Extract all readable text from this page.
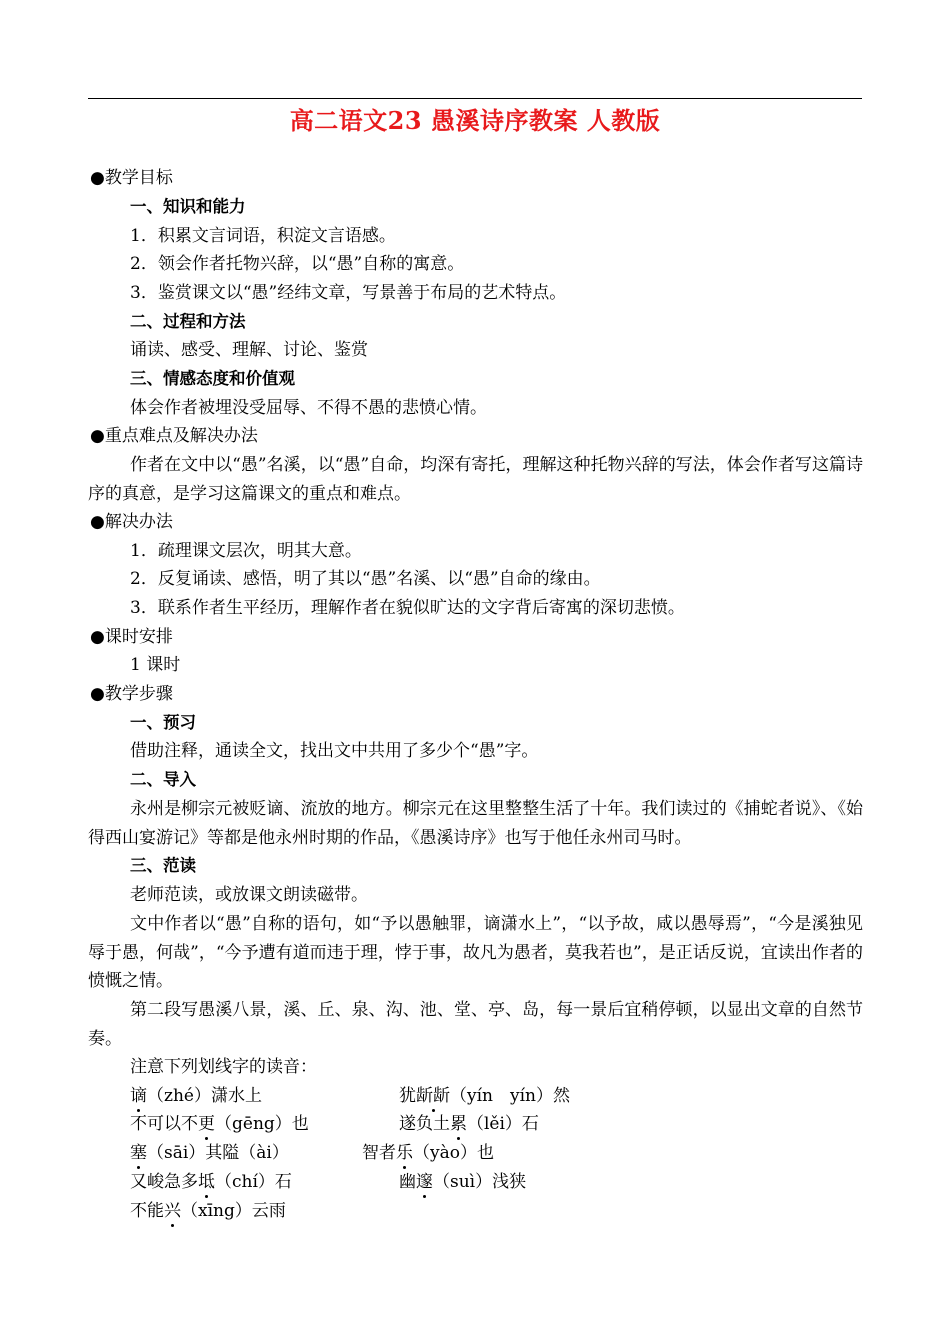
高二语文23 愚溪诗序教案 人教版
●教学目标
一、知识和能力
1．积累文言词语，积淀文言语感。
2．领会作者托物兴辞，以“愚”自称的寓意。
3．鉴赏课文以“愚”经纬文章，写景善于布局的艺术特点。
二、过程和方法
诵读、感受、理解、讨论、鉴赏
三、情感态度和价值观
体会作者被埋没受屈辱、不得不愚的悲愤心情。
●重点难点及解决办法
作者在文中以“愚”名溪，以“愚”自命，均深有寄托，理解这种托物兴辞的写法，体会作者写这篇诗序的真意，是学习这篇课文的重点和难点。
●解决办法
1．疏理课文层次，明其大意。
2．反复诵读、感悟，明了其以“愚”名溪、以“愚”自命的缘由。
3．联系作者生平经历，理解作者在貌似旷达的文字背后寄寓的深切悲愤。
●课时安排
1 课时
●教学步骤
一、预习
借助注释，通读全文，找出文中共用了多少个“愚”字。
二、导入
永州是柳宗元被贬谪、流放的地方。柳宗元在这里整整生活了十年。我们读过的《捕蛇者说》、《始得西山宴游记》等都是他永州时期的作品，《愚溪诗序》也写于他任永州司马时。
三、范读
老师范读，或放课文朗读磁带。
文中作者以“愚”自称的语句，如“予以愚触罪，谪潇水上”，“以予故，咸以愚辱焉”，“今是溪独见辱于愚，何哉”，“今予遭有道而违于理，悖于事，故凡为愚者，莫我若也”，是正话反说，宜读出作者的愤慨之情。
第二段写愚溪八景，溪、丘、泉、沟、池、堂、亭、岛，每一景后宜稍停顿，以显出文章的自然节奏。
注意下列划线字的读音：
谪（zhé）潇水上	犹龂龂（yín　yín）然
不可以不更（gēng）也	遂负土累（lěi）石
塞（sāi）其隘（ài）	智者乐（yào）也
又峻急多坻（chí）石	幽邃（suì）浅狭
不能兴（xīng）云雨
